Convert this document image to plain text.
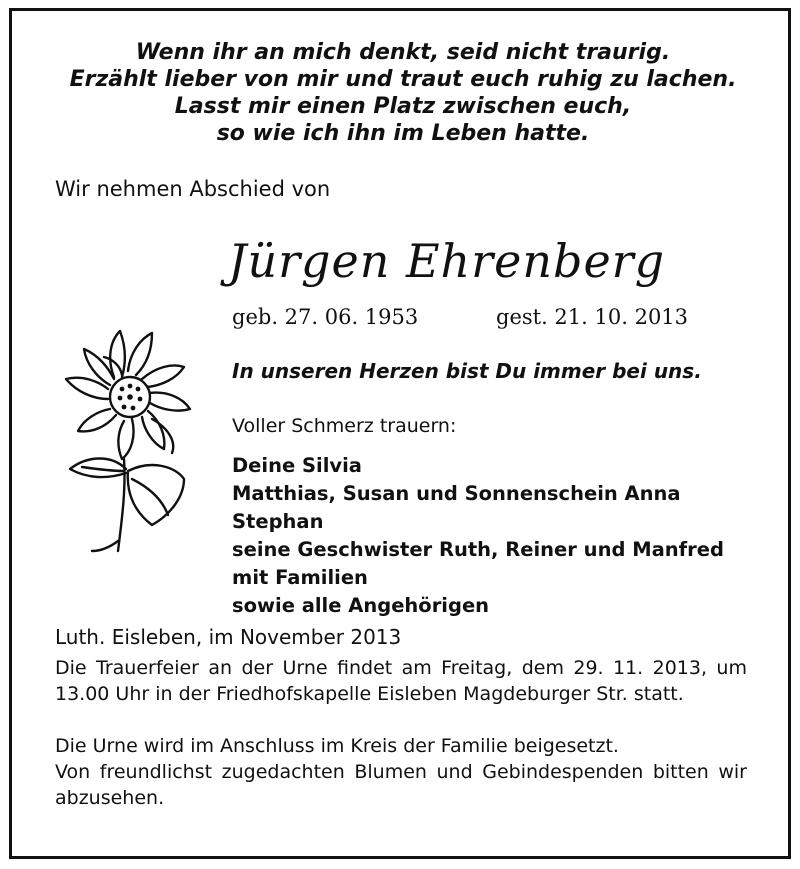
Wenn ihr an mich denkt, seid nicht traurig.
Erzählt lieber von mir und traut euch ruhig zu lachen.
Lasst mir einen Platz zwischen euch,
so wie ich ihn im Leben hatte.
Wir nehmen Abschied von
Jürgen Ehrenberg
geb. 27. 06. 1953	gest. 21. 10. 2013
In unseren Herzen bist Du immer bei uns.
Voller Schmerz trauern:
Deine Silvia
Matthias, Susan und Sonnenschein Anna
Stephan
seine Geschwister Ruth, Reiner und Manfred
mit Familien
sowie alle Angehörigen
Luth. Eisleben, im November 2013
Die Trauerfeier an der Urne findet am Freitag, dem 29. 11. 2013, um 13.00 Uhr in der Friedhofskapelle Eisleben Magdeburger Str. statt.
Die Urne wird im Anschluss im Kreis der Familie beigesetzt.
Von freundlichst zugedachten Blumen und Gebindespenden bitten wir abzusehen.
